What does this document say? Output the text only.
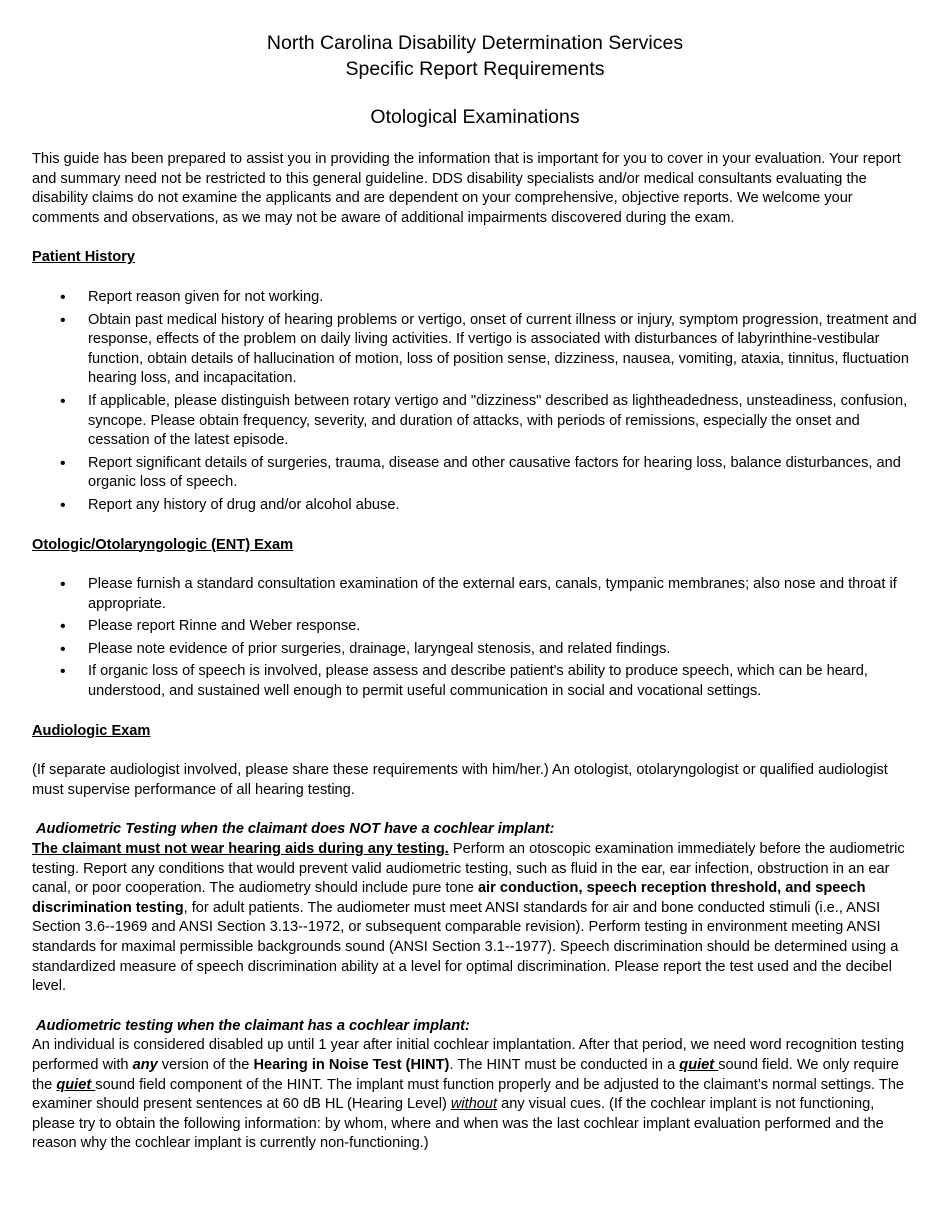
North Carolina Disability Determination Services
Specific Report Requirements
Otological Examinations

This guide has been prepared to assist you in providing the information that is important for you to cover in your evaluation. Your report and summary need not be restricted to this general guideline. DDS disability specialists and/or medical consultants evaluating the disability claims do not examine the applicants and are dependent on your comprehensive, objective reports. We welcome your comments and observations, as we may not be aware of additional impairments discovered during the exam.

Patient History
• Report reason given for not working.
• Obtain past medical history of hearing problems or vertigo, onset of current illness or injury, symptom progression, treatment and response, effects of the problem on daily living activities. If vertigo is associated with disturbances of labyrinthine-vestibular function, obtain details of hallucination of motion, loss of position sense, dizziness, nausea, vomiting, ataxia, tinnitus, fluctuation hearing loss, and incapacitation.
• If applicable, please distinguish between rotary vertigo and "dizziness" described as lightheadedness, unsteadiness, confusion, syncope. Please obtain frequency, severity, and duration of attacks, with periods of remissions, especially the onset and cessation of the latest episode.
• Report significant details of surgeries, trauma, disease and other causative factors for hearing loss, balance disturbances, and organic loss of speech.
• Report any history of drug and/or alcohol abuse.
Otologic/Otolaryngologic (ENT) Exam
• Please furnish a standard consultation examination of the external ears, canals, tympanic membranes; also nose and throat if appropriate.
• Please report Rinne and Weber response.
• Please note evidence of prior surgeries, drainage, laryngeal stenosis, and related findings.
• If organic loss of speech is involved, please assess and describe patient's ability to produce speech, which can be heard, understood, and sustained well enough to permit useful communication in social and vocational settings.
Audiologic Exam

(If separate audiologist involved, please share these requirements with him/her.) An otologist, otolaryngologist or qualified audiologist must supervise performance of all hearing testing.

Audiometric Testing when the claimant does NOT have a cochlear implant:

The claimant must not wear hearing aids during any testing. Perform an otoscopic examination immediately before the audiometric testing. Report any conditions that would prevent valid audiometric testing, such as fluid in the ear, ear infection, obstruction in an ear canal, or poor cooperation. The audiometry should include pure tone air conduction, speech reception threshold, and speech discrimination testing, for adult patients. The audiometer must meet ANSI standards for air and bone conducted stimuli (i.e., ANSI Section 3.6--1969 and ANSI Section 3.13--1972, or subsequent comparable revision). Perform testing in environment meeting ANSI standards for maximal permissible backgrounds sound (ANSI Section 3.1--1977). Speech discrimination should be determined using a standardized measure of speech discrimination ability at a level for optimal discrimination. Please report the test used and the decibel level.

Audiometric testing when the claimant has a cochlear implant:

An individual is considered disabled up until 1 year after initial cochlear implantation. After that period, we need word recognition testing performed with any version of the Hearing in Noise Test (HINT). The HINT must be conducted in a quiet sound field. We only require the quiet sound field component of the HINT. The implant must function properly and be adjusted to the claimant’s normal settings. The examiner should present sentences at 60 dB HL (Hearing Level) without any visual cues. (If the cochlear implant is not functioning, please try to obtain the following information: by whom, where and when was the last cochlear implant evaluation performed and the reason why the cochlear implant is currently non-functioning.)
